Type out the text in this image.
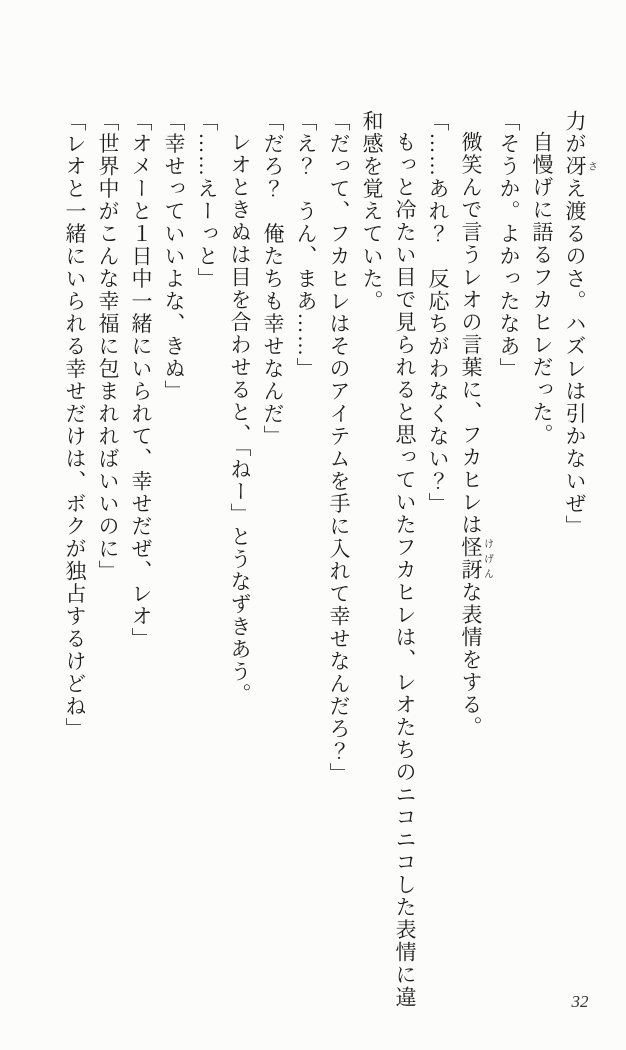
力が冴さえ渡るのさ。ハズレは引かないぜ」

自慢げに語るフカヒレだった。

「そうか。よかったなあ」

微笑んで言うレオの言葉に、フカヒレは怪訝けげんな表情をする。

「……あれ？　反応ちがわなくない？」

もっと冷たい目で見られると思っていたフカヒレは、レオたちのニコニコした表情に違和感を覚えていた。

「だって、フカヒレはそのアイテムを手に入れて幸せなんだろ？」

「え？　うん、まあ……」

「だろ？　俺たちも幸せなんだ」

レオときぬは目を合わせると、「ねー」とうなずきあう。

「……えーっと」

「幸せっていいよな、きぬ」

「オメーと１日中一緒にいられて、幸せだぜ、レオ」

「世界中がこんな幸福に包まれればいいのに」

「レオと一緒にいられる幸せだけは、ボクが独占するけどね」

32
